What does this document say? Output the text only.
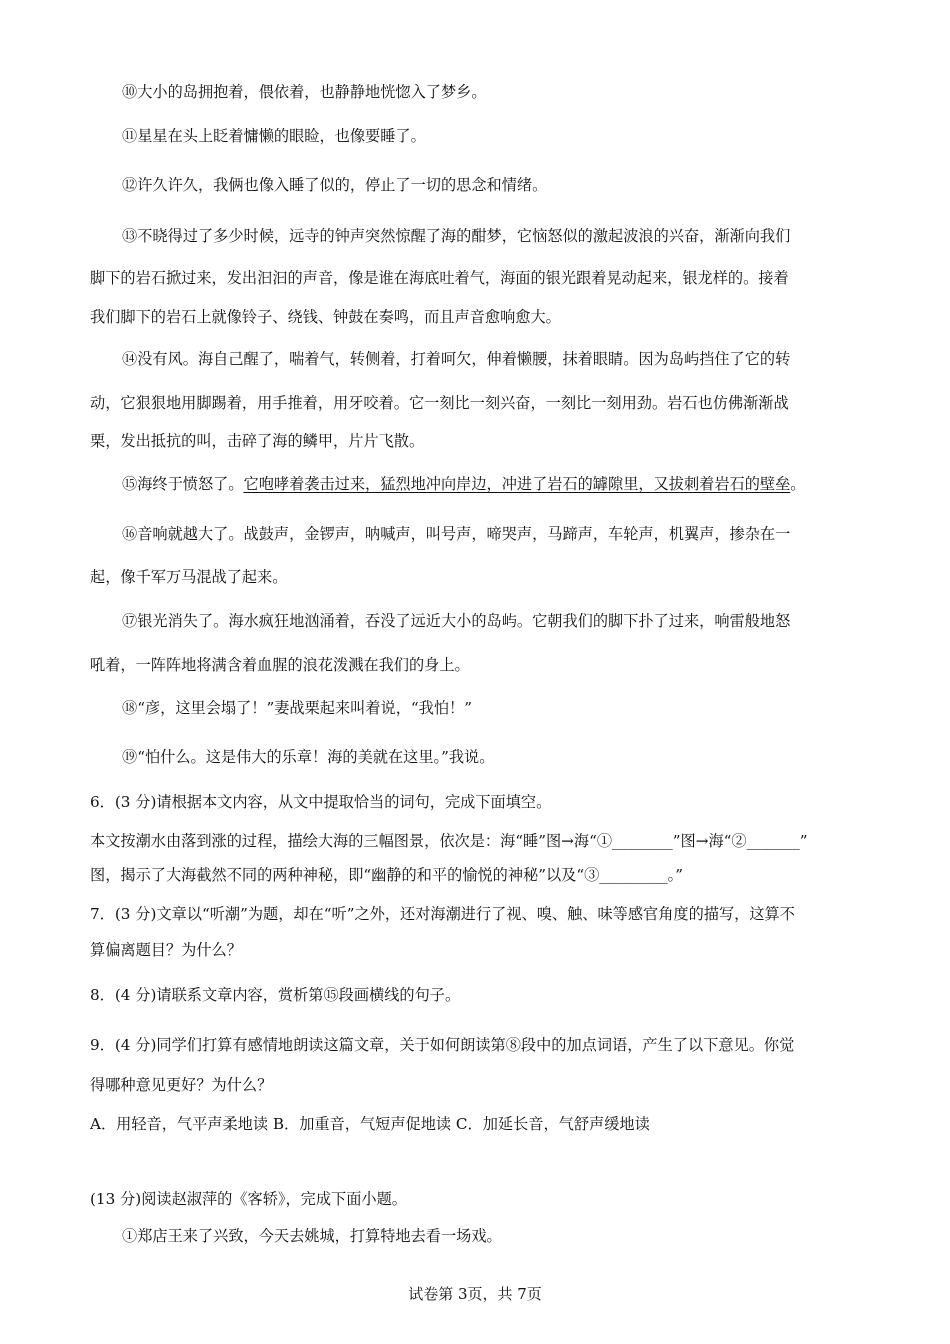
⑩大小的岛拥抱着，偎依着，也静静地恍惚入了梦乡。
⑪星星在头上眨着慵懒的眼睑，也像要睡了。
⑫许久许久，我俩也像入睡了似的，停止了一切的思念和情绪。
⑬不晓得过了多少时候，远寺的钟声突然惊醒了海的酣梦，它恼怒似的激起波浪的兴奋，渐渐向我们
脚下的岩石掀过来，发出汩汩的声音，像是谁在海底吐着气，海面的银光跟着晃动起来，银龙样的。接着
我们脚下的岩石上就像铃子、绕钱、钟鼓在奏鸣，而且声音愈响愈大。
⑭没有风。海自己醒了，喘着气，转侧着，打着呵欠，伸着懒腰，抹着眼睛。因为岛屿挡住了它的转
动，它狠狠地用脚踢着，用手推着，用牙咬着。它一刻比一刻兴奋，一刻比一刻用劲。岩石也仿佛渐渐战
栗，发出抵抗的叫，击碎了海的鳞甲，片片飞散。
⑮海终于愤怒了。它咆哮着袭击过来，猛烈地冲向岸边，冲进了岩石的罅隙里，又拔刺着岩石的壁垒。
⑯音响就越大了。战鼓声，金锣声，呐喊声，叫号声，啼哭声，马蹄声，车轮声，机翼声，掺杂在一
起，像千军万马混战了起来。
⑰银光消失了。海水疯狂地汹涌着，吞没了远近大小的岛屿。它朝我们的脚下扑了过来，响雷般地怒
吼着，一阵阵地将满含着血腥的浪花泼溅在我们的身上。
⑱“彦，这里会塌了！”妻战栗起来叫着说，“我怕！”
⑲“怕什么。这是伟大的乐章！海的美就在这里。”我说。
6．(3 分)请根据本文内容，从文中提取恰当的词句，完成下面填空。
本文按潮水由落到涨的过程，描绘大海的三幅图景，依次是：海“睡”图→海“①________”图→海“②_______”
图，揭示了大海截然不同的两种神秘，即“幽静的和平的愉悦的神秘”以及“③_________。”
7．(3 分)文章以“听潮”为题，却在“听”之外，还对海潮进行了视、嗅、触、味等感官角度的描写，这算不
算偏离题目？为什么？
8．(4 分)请联系文章内容，赏析第⑮段画横线的句子。
9．(4 分)同学们打算有感情地朗读这篇文章，关于如何朗读第⑧段中的加点词语，产生了以下意见。你觉
得哪种意见更好？为什么？
A．用轻音，气平声柔地读 B．加重音，气短声促地读 C．加延长音，气舒声缓地读
(13 分)阅读赵淑萍的《客轿》，完成下面小题。
①郑店王来了兴致，今天去姚城，打算特地去看一场戏。
试卷第 3页，共 7页
